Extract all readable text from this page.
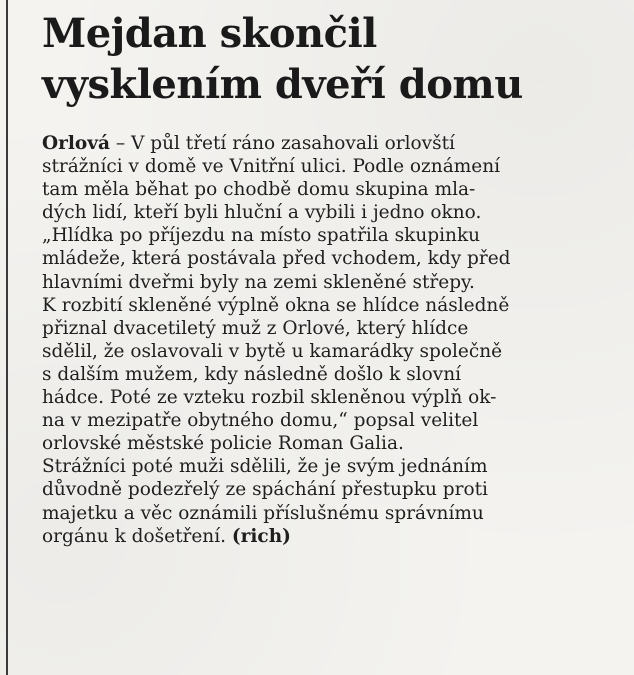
Mejdan skončil
vysklením dveří domu
Orlová – V půl třetí ráno zasahovali orlovští
strážníci v domě ve Vnitřní ulici. Podle oznámení
tam měla běhat po chodbě domu skupina mla-
dých lidí, kteří byli hluční a vybili i jedno okno.
„Hlídka po příjezdu na místo spatřila skupinku
mládeže, která postávala před vchodem, kdy před
hlavními dveřmi byly na zemi skleněné střepy.
K rozbití skleněné výplně okna se hlídce následně
přiznal dvacetiletý muž z Orlové, který hlídce
sdělil, že oslavovali v bytě u kamarádky společně
s dalším mužem, kdy následně došlo k slovní
hádce. Poté ze vzteku rozbil skleněnou výplň ok-
na v mezipatře obytného domu,“ popsal velitel
orlovské městské policie Roman Galia.
Strážníci poté muži sdělili, že je svým jednáním
důvodně podezřelý ze spáchání přestupku proti
majetku a věc oznámili příslušnému správnímu
orgánu k došetření. (rich)
